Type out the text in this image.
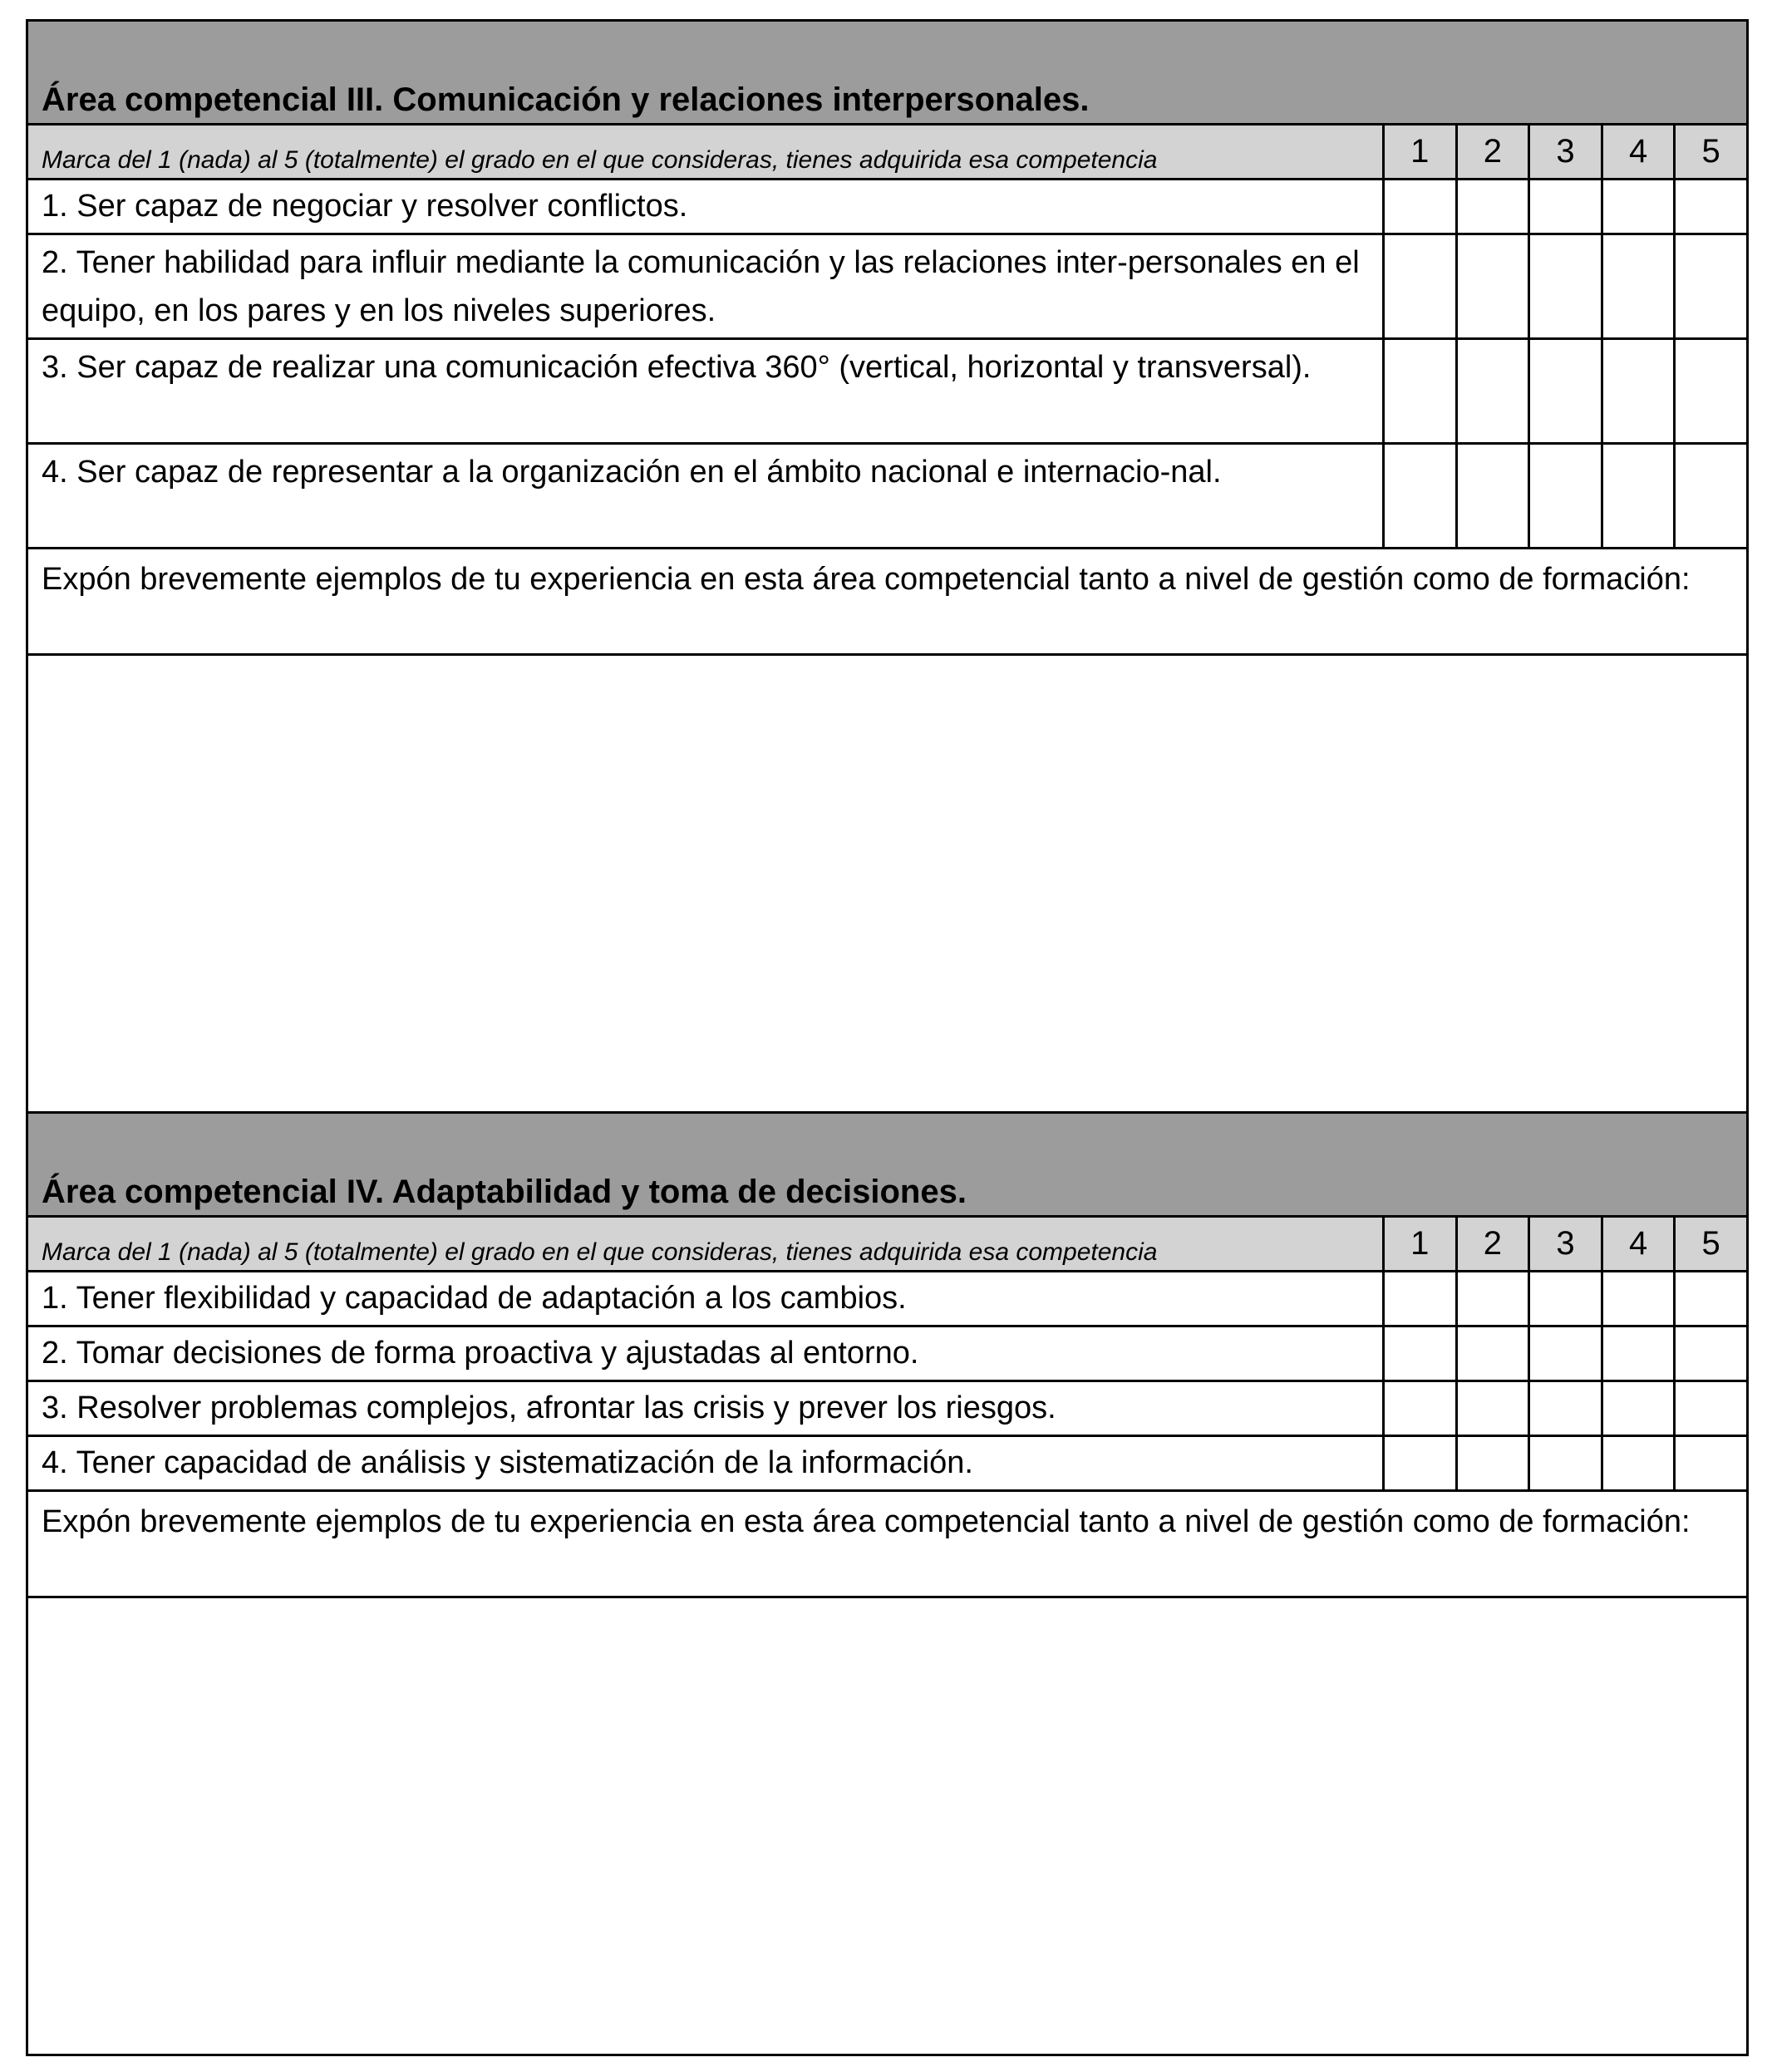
Área competencial III. Comunicación y relaciones interpersonales.
Marca del 1 (nada) al 5 (totalmente) el grado en el que consideras, tienes adquirida esa competencia	1	2	3	4	5
1. Ser capaz de negociar y resolver conflictos.
2. Tener habilidad para influir mediante la comunicación y las relaciones inter-personales en el equipo, en los pares y en los niveles superiores.
3. Ser capaz de realizar una comunicación efectiva 360° (vertical, horizontal y transversal).
4. Ser capaz de representar a la organización en el ámbito nacional e internacio-nal.
Expón brevemente ejemplos de tu experiencia en esta área competencial tanto a nivel de gestión como de formación:
Área competencial IV. Adaptabilidad y toma de decisiones.
Marca del 1 (nada) al 5 (totalmente) el grado en el que consideras, tienes adquirida esa competencia	1	2	3	4	5
1. Tener flexibilidad y capacidad de adaptación a los cambios.
2. Tomar decisiones de forma proactiva y ajustadas al entorno.
3. Resolver problemas complejos, afrontar las crisis y prever los riesgos.
4. Tener capacidad de análisis y sistematización de la información.
Expón brevemente ejemplos de tu experiencia en esta área competencial tanto a nivel de gestión como de formación:
